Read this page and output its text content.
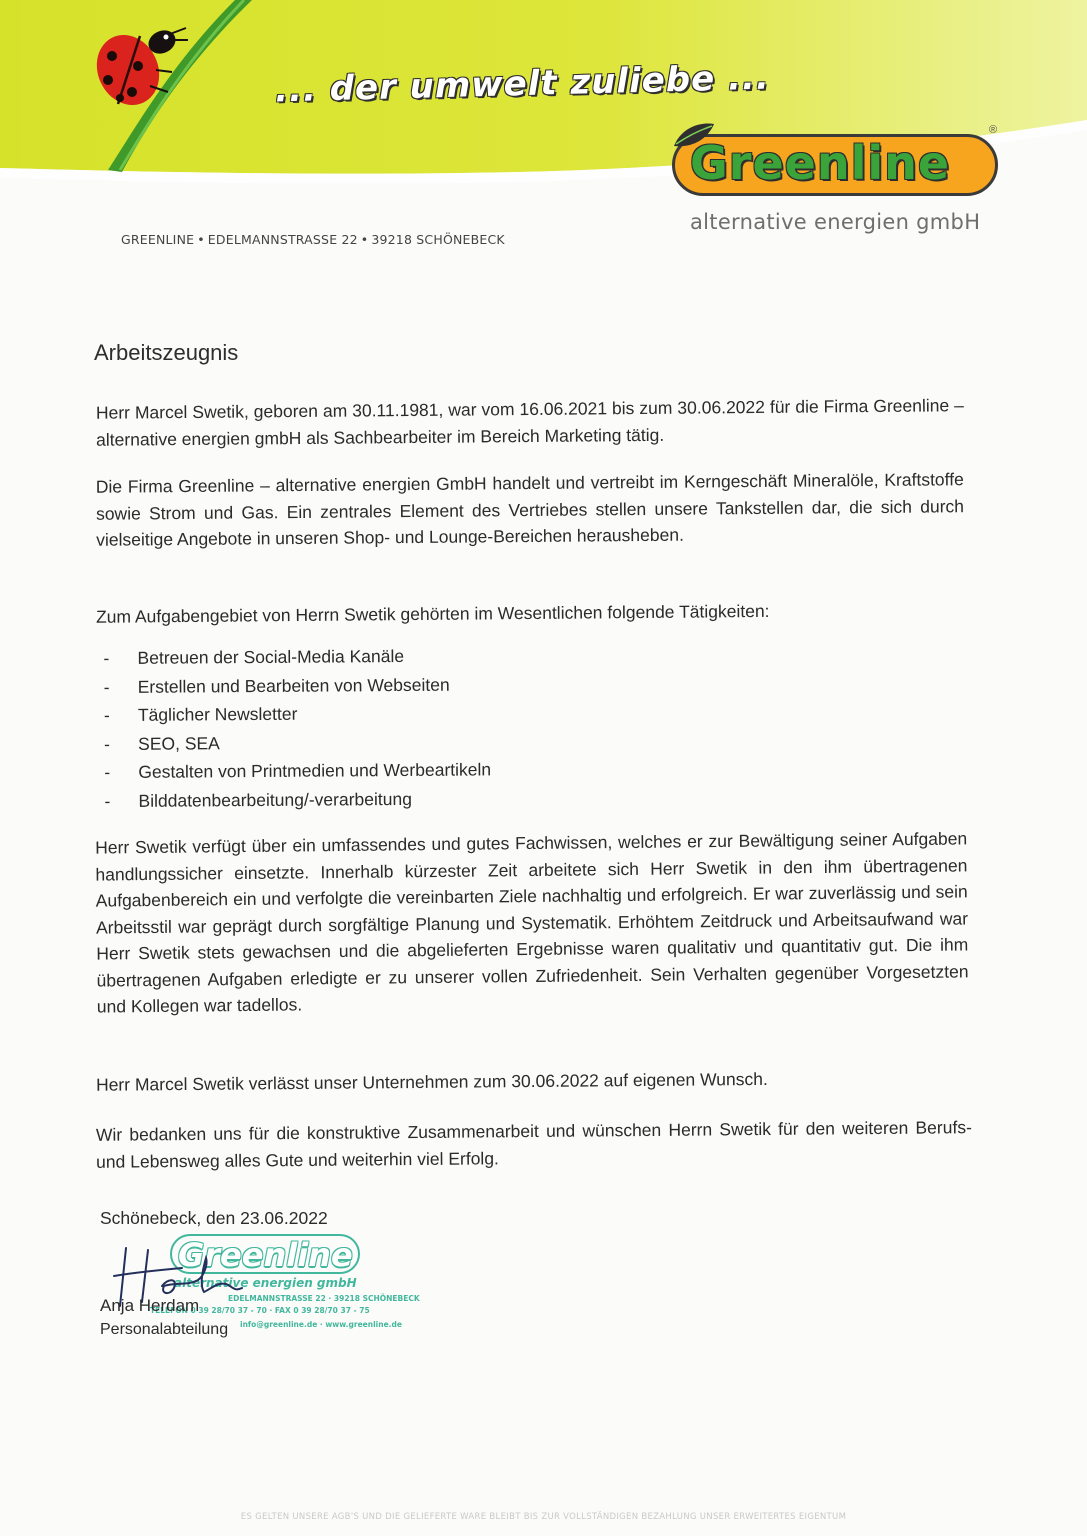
... der umwelt zuliebe ...
Greenline
®
alternative energien gmbH
GREENLINE • EDELMANNSTRASSE 22 • 39218 SCHÖNEBECK
Arbeitszeugnis

Herr Marcel Swetik, geboren am 30.11.1981, war vom 16.06.2021 bis zum 30.06.2022 für die Firma Greenline – alternative energien gmbH als Sachbearbeiter im Bereich Marketing tätig.

Die Firma Greenline – alternative energien GmbH handelt und vertreibt im Kerngeschäft Mineralöle, Kraftstoffe sowie Strom und Gas. Ein zentrales Element des Vertriebes stellen unsere Tankstellen dar, die sich durch vielseitige Angebote in unseren Shop- und Lounge-Bereichen herausheben.

Zum Aufgabengebiet von Herrn Swetik gehörten im Wesentlichen folgende Tätigkeiten:

- Betreuen der Social-Media Kanäle
- Erstellen und Bearbeiten von Webseiten
- Täglicher Newsletter
- SEO, SEA
- Gestalten von Printmedien und Werbeartikeln
- Bilddatenbearbeitung/-verarbeitung

Herr Swetik verfügt über ein umfassendes und gutes Fachwissen, welches er zur Bewältigung seiner Aufgaben handlungssicher einsetzte. Innerhalb kürzester Zeit arbeitete sich Herr Swetik in den ihm übertragenen Aufgabenbereich ein und verfolgte die vereinbarten Ziele nachhaltig und erfolgreich. Er war zuverlässig und sein Arbeitsstil war geprägt durch sorgfältige Planung und Systematik. Erhöhtem Zeitdruck und Arbeitsaufwand war Herr Swetik stets gewachsen und die abgelieferten Ergebnisse waren qualitativ und quantitativ gut. Die ihm übertragenen Aufgaben erledigte er zu unserer vollen Zufriedenheit. Sein Verhalten gegenüber Vorgesetzten und Kollegen war tadellos.

Herr Marcel Swetik verlässt unser Unternehmen zum 30.06.2022 auf eigenen Wunsch.

Wir bedanken uns für die konstruktive Zusammenarbeit und wünschen Herrn Swetik für den weiteren Berufs- und Lebensweg alles Gute und weiterhin viel Erfolg.

Schönebeck, den 23.06.2022
Greenline
alternative energien gmbH
EDELMANNSTRASSE 22 · 39218 SCHÖNEBECK
TELEFON 0 39 28/70 37 - 70 · FAX 0 39 28/70 37 - 75
info@greenline.de · www.greenline.de
Anja Herdam
Personalabteilung
ES GELTEN UNSERE AGB'S UND DIE GELIEFERTE WARE BLEIBT BIS ZUR VOLLSTÄNDIGEN BEZAHLUNG UNSER ERWEITERTES EIGENTUM
